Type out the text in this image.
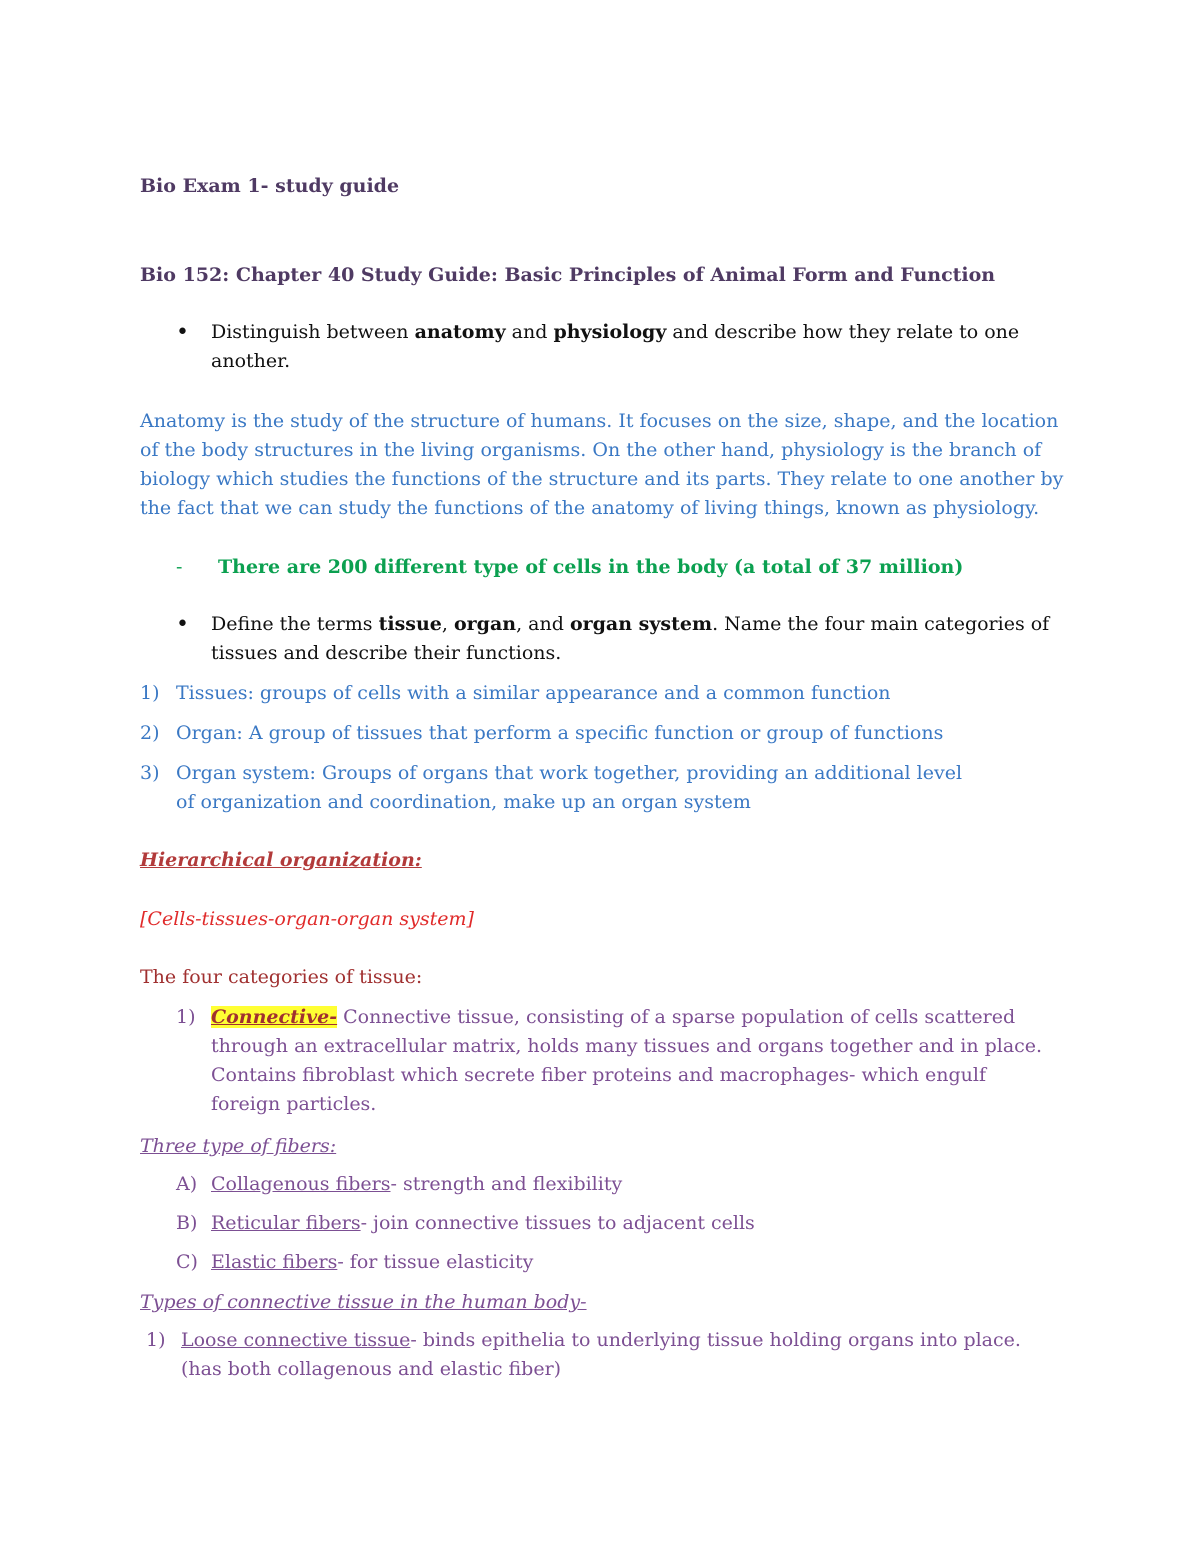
Bio Exam 1- study guide
Bio 152: Chapter 40 Study Guide: Basic Principles of Animal Form and Function
• Distinguish between anatomy and physiology and describe how they relate to one another.
Anatomy is the study of the structure of humans. It focuses on the size, shape, and the location of the body structures in the living organisms. On the other hand, physiology is the branch of biology which studies the functions of the structure and its parts. They relate to one another by the fact that we can study the functions of the anatomy of living things, known as physiology.
- There are 200 different type of cells in the body (a total of 37 million)
• Define the terms tissue, organ, and organ system. Name the four main categories of tissues and describe their functions.
1) Tissues: groups of cells with a similar appearance and a common function
2) Organ: A group of tissues that perform a specific function or group of functions
3) Organ system: Groups of organs that work together, providing an additional level of organization and coordination, make up an organ system
Hierarchical organization:
[Cells-tissues-organ-organ system]
The four categories of tissue:
1) Connective- Connective tissue, consisting of a sparse population of cells scattered through an extracellular matrix, holds many tissues and organs together and in place. Contains fibroblast which secrete fiber proteins and macrophages- which engulf foreign particles.
Three type of fibers:
A) Collagenous fibers- strength and flexibility
B) Reticular fibers- join connective tissues to adjacent cells
C) Elastic fibers- for tissue elasticity
Types of connective tissue in the human body-
1) Loose connective tissue- binds epithelia to underlying tissue holding organs into place. (has both collagenous and elastic fiber)
